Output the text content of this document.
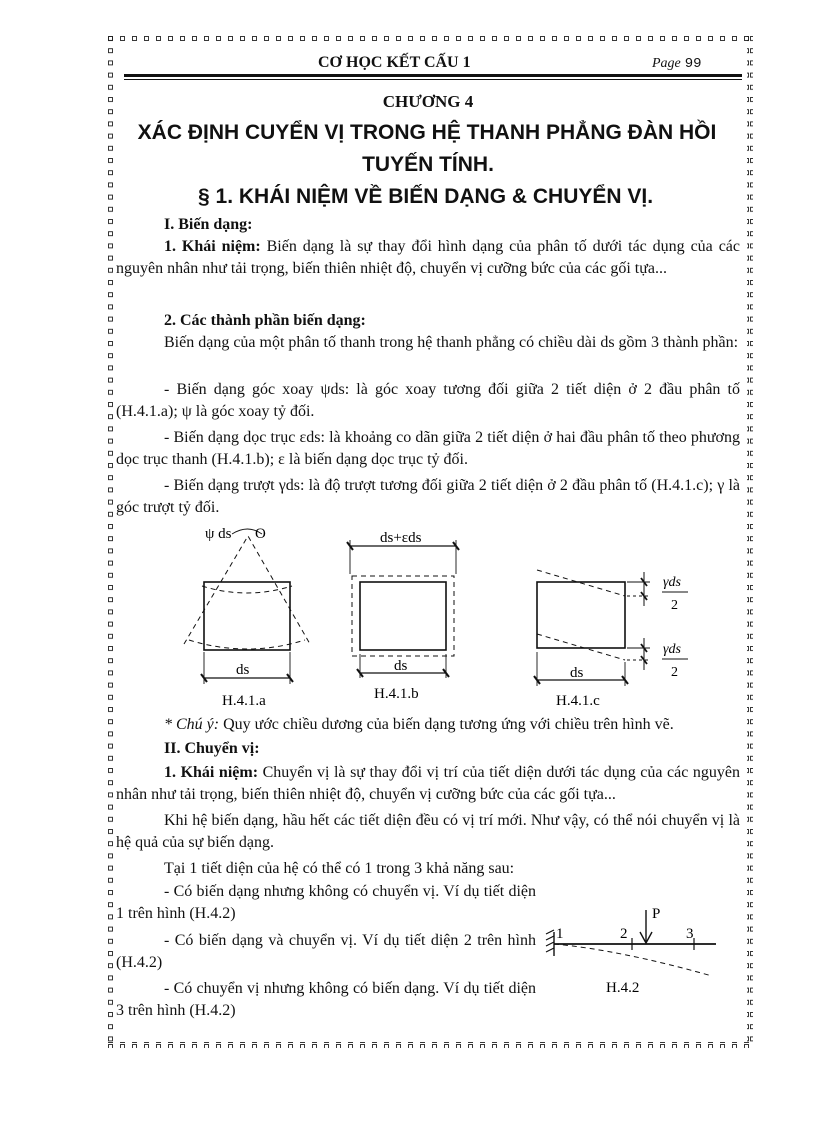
CƠ HỌC KẾT CẤU 1	Page 99
CHƯƠNG 4
XÁC ĐỊNH CUYỂN VỊ TRONG HỆ THANH PHẲNG ĐÀN HỒI
TUYẾN TÍNH.
§ 1. KHÁI NIỆM VỀ BIẾN DẠNG & CHUYỂN VỊ.
I. Biến dạng:
1. Khái niệm: Biến dạng là sự thay đổi hình dạng của phân tố dưới tác dụng của các nguyên nhân như tải trọng, biến thiên nhiệt độ, chuyển vị cưỡng bức của các gối tựa...
2. Các thành phần biến dạng:
Biến dạng của một phân tố thanh trong hệ thanh phẳng có chiều dài ds gồm 3 thành phần:
- Biến dạng góc xoay ψds: là góc xoay tương đối giữa 2 tiết diện ở 2 đầu phân tố (H.4.1.a); ψ là góc xoay tỷ đối.
- Biến dạng dọc trục εds: là khoảng co dãn giữa 2 tiết diện ở hai đầu phân tố theo phương dọc trục thanh (H.4.1.b); ε là biến dạng dọc trục tỷ đối.
- Biến dạng trượt γds: là độ trượt tương đối giữa 2 tiết diện ở 2 đầu phân tố (H.4.1.c); γ là góc trượt tỷ đối.
ψ ds O
ds
H.4.1.a
ds+εds
ds
H.4.1.b
γds
2
γds
2
ds
H.4.1.c
* Chú ý: Quy ước chiều dương của biến dạng tương ứng với chiều trên hình vẽ.
II. Chuyển vị:
1. Khái niệm: Chuyển vị là sự thay đổi vị trí của tiết diện dưới tác dụng của các nguyên nhân như tải trọng, biến thiên nhiệt độ, chuyển vị cưỡng bức của các gối tựa...
Khi hệ biến dạng, hầu hết các tiết diện đều có vị trí mới. Như vậy, có thể nói chuyển vị là hệ quả của sự biến dạng.
Tại 1 tiết diện của hệ có thể có 1 trong 3 khả năng sau:
- Có biến dạng nhưng không có chuyển vị. Ví dụ tiết diện 1 trên hình (H.4.2)
- Có biến dạng và chuyển vị. Ví dụ tiết diện 2 trên hình (H.4.2)
- Có chuyển vị nhưng không có biến dạng. Ví dụ tiết diện 3 trên hình (H.4.2)
P
1	2	3
H.4.2
